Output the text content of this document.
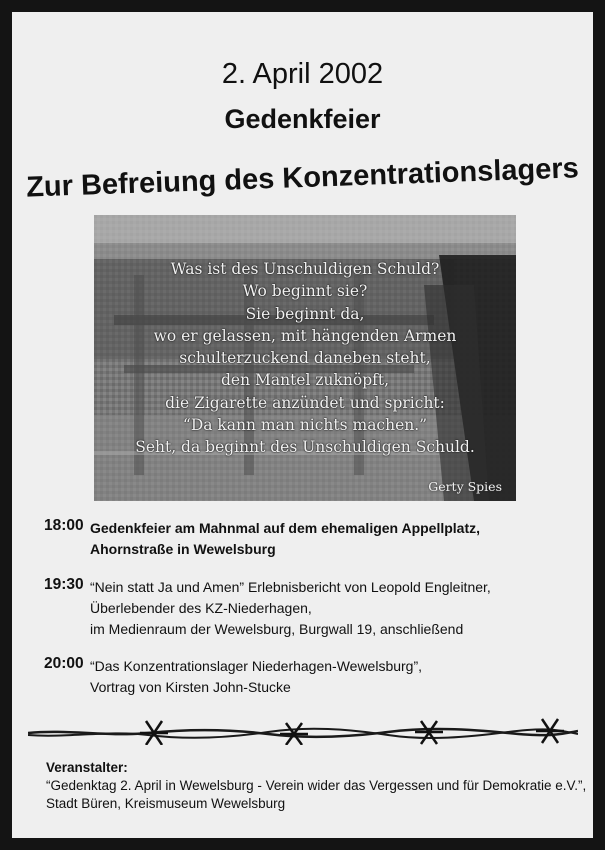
2. April 2002
Gedenkfeier
Zur Befreiung des Konzentrationslagers
Was ist des Unschuldigen Schuld?
Wo beginnt sie?
Sie beginnt da,
wo er gelassen, mit hängenden Armen
schulterzuckend daneben steht,
den Mantel zuknöpft,
die Zigarette anzündet und spricht:
“Da kann man nichts machen.”
Seht, da beginnt des Unschuldigen Schuld.
Gerty Spies
18:00 Gedenkfeier am Mahnmal auf dem ehemaligen Appellplatz,
Ahornstraße in Wewelsburg
19:30 “Nein statt Ja und Amen” Erlebnisbericht von Leopold Engleitner,
Überlebender des KZ-Niederhagen,
im Medienraum der Wewelsburg, Burgwall 19, anschließend
20:00 “Das Konzentrationslager Niederhagen-Wewelsburg”,
Vortrag von Kirsten John-Stucke
Veranstalter:
“Gedenktag 2. April in Wewelsburg - Verein wider das Vergessen und für Demokratie e.V.”,
Stadt Büren, Kreismuseum Wewelsburg
